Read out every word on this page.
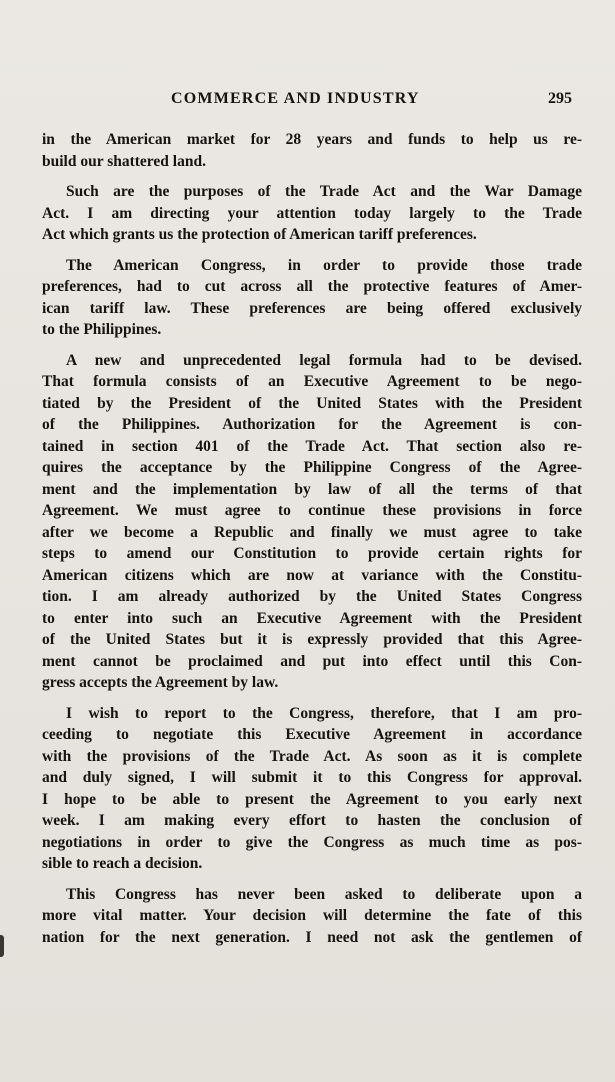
COMMERCE AND INDUSTRY	295
in the American market for 28 years and funds to help us re-
build our shattered land.
Such are the purposes of the Trade Act and the War Damage
Act. I am directing your attention today largely to the Trade
Act which grants us the protection of American tariff preferences.
The American Congress, in order to provide those trade
preferences, had to cut across all the protective features of Amer-
ican tariff law. These preferences are being offered exclusively
to the Philippines.
A new and unprecedented legal formula had to be devised.
That formula consists of an Executive Agreement to be nego-
tiated by the President of the United States with the President
of the Philippines. Authorization for the Agreement is con-
tained in section 401 of the Trade Act. That section also re-
quires the acceptance by the Philippine Congress of the Agree-
ment and the implementation by law of all the terms of that
Agreement. We must agree to continue these provisions in force
after we become a Republic and finally we must agree to take
steps to amend our Constitution to provide certain rights for
American citizens which are now at variance with the Constitu-
tion. I am already authorized by the United States Congress
to enter into such an Executive Agreement with the President
of the United States but it is expressly provided that this Agree-
ment cannot be proclaimed and put into effect until this Con-
gress accepts the Agreement by law.
I wish to report to the Congress, therefore, that I am pro-
ceeding to negotiate this Executive Agreement in accordance
with the provisions of the Trade Act. As soon as it is complete
and duly signed, I will submit it to this Congress for approval.
I hope to be able to present the Agreement to you early next
week. I am making every effort to hasten the conclusion of
negotiations in order to give the Congress as much time as pos-
sible to reach a decision.
This Congress has never been asked to deliberate upon a
more vital matter. Your decision will determine the fate of this
nation for the next generation. I need not ask the gentlemen of
